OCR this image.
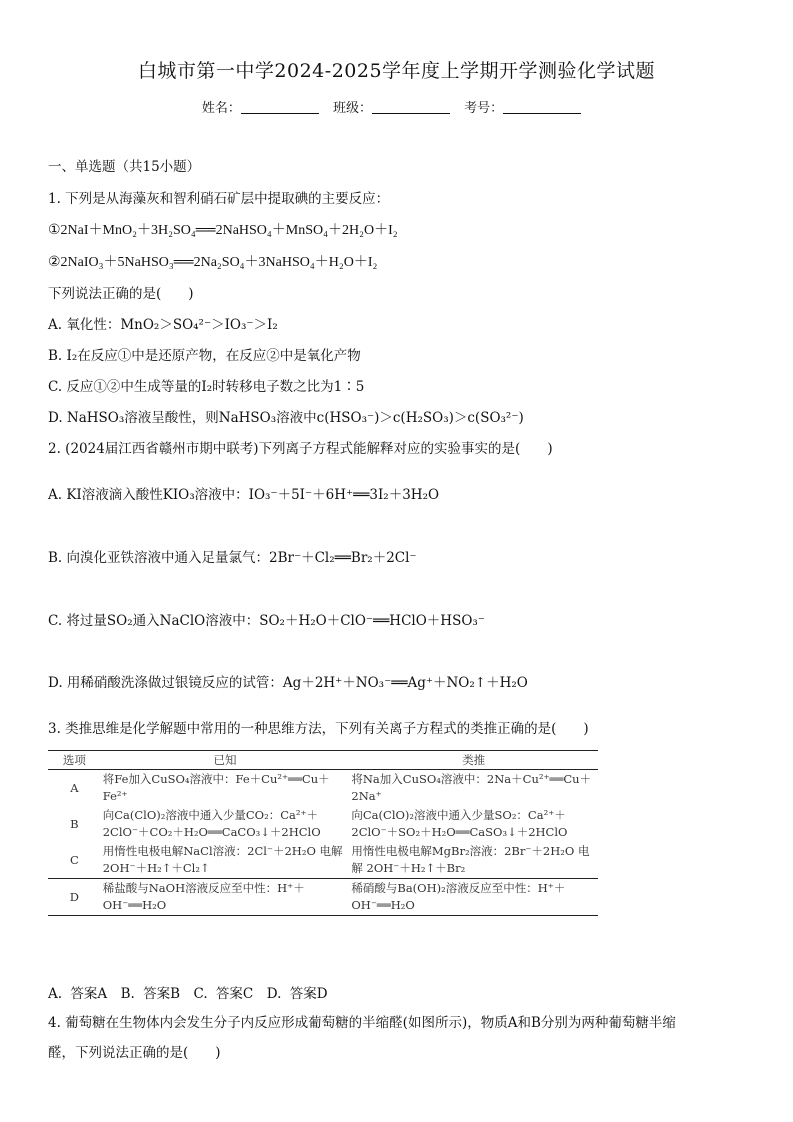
白城市第一中学2024-2025学年度上学期开学测验化学试题
姓名：	班级：	考号：
一、单选题（共15小题）
1. 下列是从海藻灰和智利硝石矿层中提取碘的主要反应：
①2NaI＋MnO₂＋3H₂SO₄══2NaHSO₄＋MnSO₄＋2H₂O＋I₂
②2NaIO₃＋5NaHSO₃══2Na₂SO₄＋3NaHSO₄＋H₂O＋I₂
下列说法正确的是(　　)
A. 氧化性：MnO₂＞SO₄²⁻＞IO₃⁻＞I₂
B. I₂在反应①中是还原产物，在反应②中是氧化产物
C. 反应①②中生成等量的I₂时转移电子数之比为1∶5
D. NaHSO₃溶液呈酸性，则NaHSO₃溶液中c(HSO₃⁻)＞c(H₂SO₃)＞c(SO₃²⁻)
2. (2024届江西省赣州市期中联考)下列离子方程式能解释对应的实验事实的是(　　)
A. KI溶液滴入酸性KIO₃溶液中：IO₃⁻＋5I⁻＋6H⁺══3I₂＋3H₂O
B. 向溴化亚铁溶液中通入足量氯气：2Br⁻＋Cl₂══Br₂＋2Cl⁻
C. 将过量SO₂通入NaClO溶液中：SO₂＋H₂O＋ClO⁻══HClO＋HSO₃⁻
D. 用稀硝酸洗涤做过银镜反应的试管：Ag＋2H⁺＋NO₃⁻══Ag⁺＋NO₂↑＋H₂O
3. 类推思维是化学解题中常用的一种思维方法，下列有关离子方程式的类推正确的是(　　)
选项	已知	类推
A	将Fe加入CuSO₄溶液中：Fe＋Cu²⁺══Cu＋Fe²⁺	将Na加入CuSO₄溶液中：2Na＋Cu²⁺══Cu＋2Na⁺
B	向Ca(ClO)₂溶液中通入少量CO₂：Ca²⁺＋2ClO⁻＋CO₂＋H₂O══CaCO₃↓＋2HClO	向Ca(ClO)₂溶液中通入少量SO₂：Ca²⁺＋2ClO⁻＋SO₂＋H₂O══CaSO₃↓＋2HClO
C	用惰性电极电解NaCl溶液：2Cl⁻＋2H₂O 电解 2OH⁻＋H₂↑＋Cl₂↑	用惰性电极电解MgBr₂溶液：2Br⁻＋2H₂O 电解 2OH⁻＋H₂↑＋Br₂
D	稀盐酸与NaOH溶液反应至中性：H⁺＋OH⁻══H₂O	稀硝酸与Ba(OH)₂溶液反应至中性：H⁺＋OH⁻══H₂O
A. 答案A　B. 答案B　C. 答案C　D. 答案D
4. 葡萄糖在生物体内会发生分子内反应形成葡萄糖的半缩醛(如图所示)，物质A和B分别为两种葡萄糖半缩
醛，下列说法正确的是(　　)
